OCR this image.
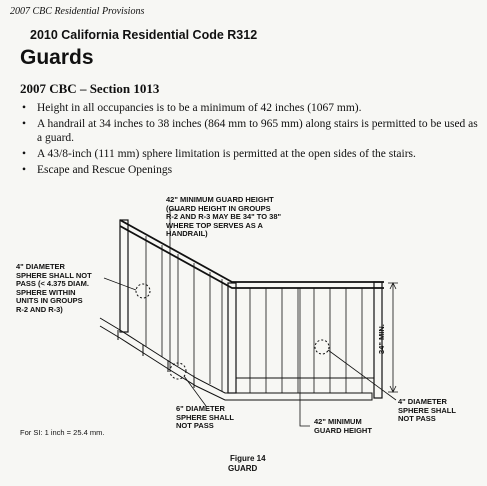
2007 CBC Residential Provisions
2010 California Residential Code R312
Guards
2007 CBC – Section 1013
• Height in all occupancies is to be a minimum of 42 inches (1067 mm).
• A handrail at 34 inches to 38 inches (864 mm to 965 mm) along stairs is permitted to be used as a guard.
• A 43/8-inch (111 mm) sphere limitation is permitted at the open sides of the stairs.
• Escape and Rescue Openings
42" MINIMUM GUARD HEIGHT
(GUARD HEIGHT IN GROUPS
R-2 AND R-3 MAY BE 34" TO 38"
WHERE TOP SERVES AS A
HANDRAIL)
4" DIAMETER
SPHERE SHALL NOT
PASS (< 4.375 DIAM.
SPHERE WITHIN
UNITS IN GROUPS
R-2 AND R-3)
6" DIAMETER
SPHERE SHALL
NOT PASS	42" MINIMUM
GUARD HEIGHT
4" DIAMETER
SPHERE SHALL
NOT PASS
34" MIN.
For SI: 1 inch = 25.4 mm.
Figure 14
GUARD
